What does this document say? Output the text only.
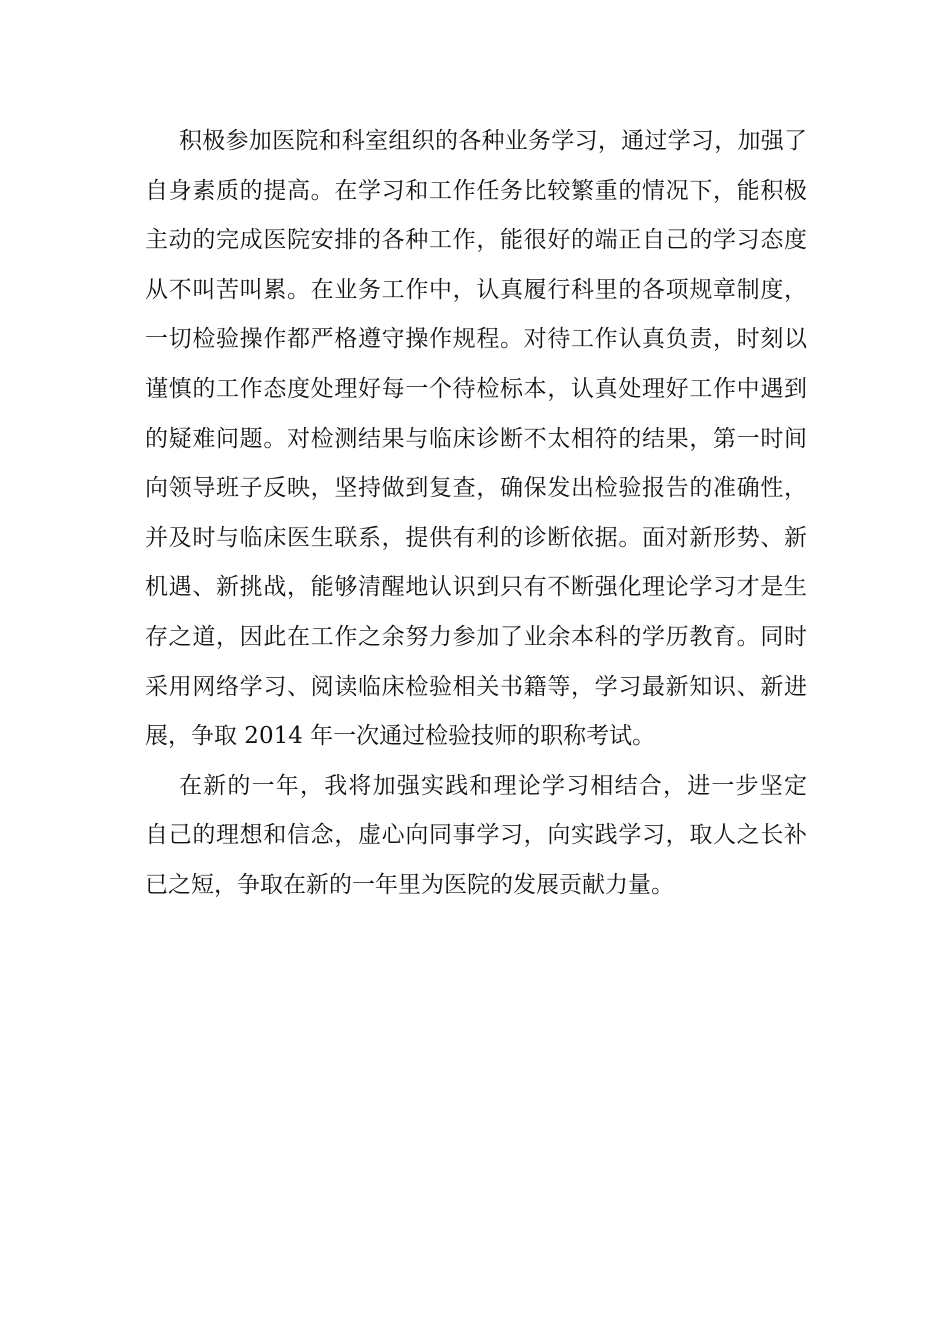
积极参加医院和科室组织的各种业务学习，通过学习，加强了
自身素质的提高。在学习和工作任务比较繁重的情况下，能积极
主动的完成医院安排的各种工作，能很好的端正自己的学习态度
从不叫苦叫累。在业务工作中，认真履行科里的各项规章制度，
一切检验操作都严格遵守操作规程。对待工作认真负责，时刻以
谨慎的工作态度处理好每一个待检标本，认真处理好工作中遇到
的疑难问题。对检测结果与临床诊断不太相符的结果，第一时间
向领导班子反映，坚持做到复查，确保发出检验报告的准确性，
并及时与临床医生联系，提供有利的诊断依据。面对新形势、新
机遇、新挑战，能够清醒地认识到只有不断强化理论学习才是生
存之道，因此在工作之余努力参加了业余本科的学历教育。同时
采用网络学习、阅读临床检验相关书籍等，学习最新知识、新进
展，争取 2014 年一次通过检验技师的职称考试。
在新的一年，我将加强实践和理论学习相结合，进一步坚定
自己的理想和信念，虚心向同事学习，向实践学习，取人之长补
已之短，争取在新的一年里为医院的发展贡献力量。
